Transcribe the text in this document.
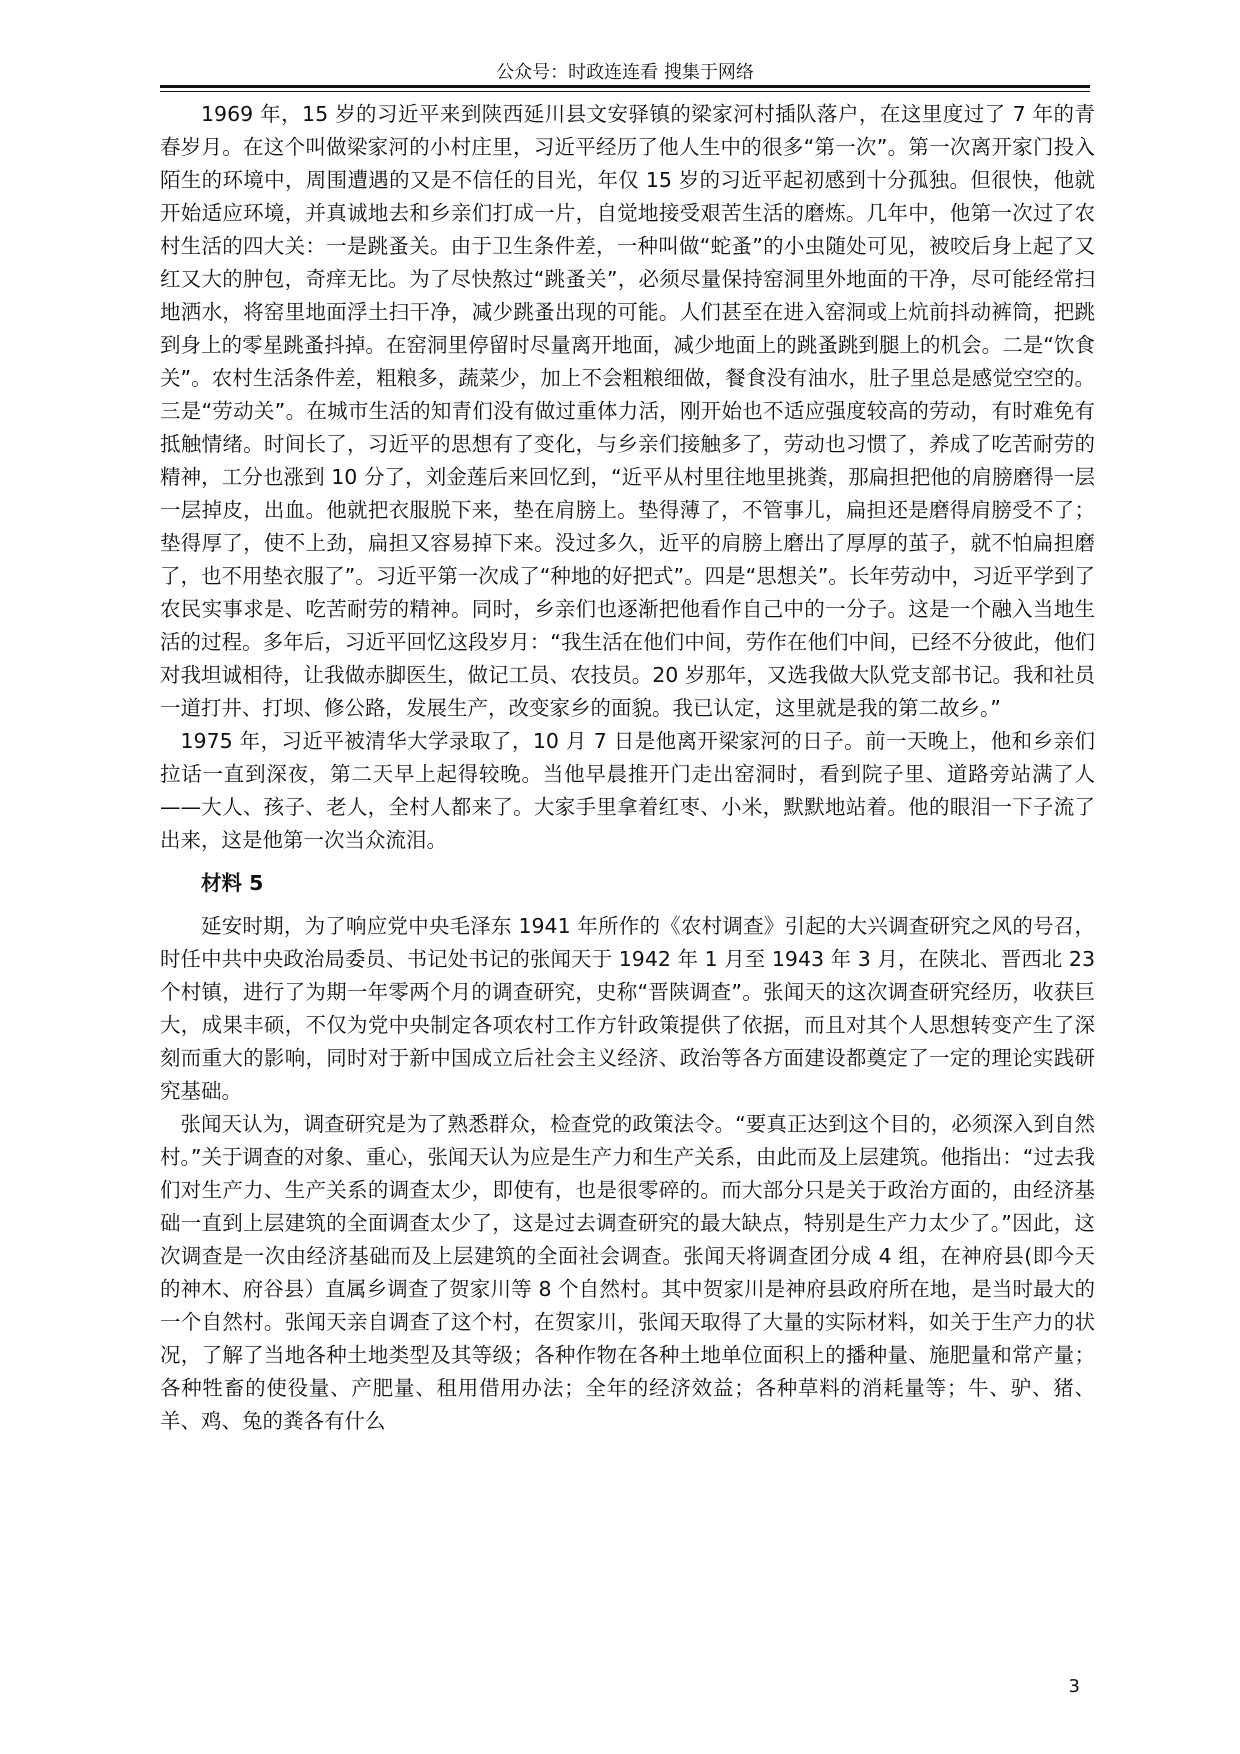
公众号：时政连连看 搜集于网络

1969 年，15 岁的习近平来到陕西延川县文安驿镇的梁家河村插队落户，在这里度过了 7 年的青春岁月。在这个叫做梁家河的小村庄里，习近平经历了他人生中的很多“第一次”。第一次离开家门投入陌生的环境中，周围遭遇的又是不信任的目光，年仅 15 岁的习近平起初感到十分孤独。但很快，他就开始适应环境，并真诚地去和乡亲们打成一片，自觉地接受艰苦生活的磨炼。几年中，他第一次过了农村生活的四大关：一是跳蚤关。由于卫生条件差，一种叫做“蛇蚤”的小虫随处可见，被咬后身上起了又红又大的肿包，奇痒无比。为了尽快熬过“跳蚤关”，必须尽量保持窑洞里外地面的干净，尽可能经常扫地洒水，将窑里地面浮土扫干净，减少跳蚤出现的可能。人们甚至在进入窑洞或上炕前抖动裤筒，把跳到身上的零星跳蚤抖掉。在窑洞里停留时尽量离开地面，减少地面上的跳蚤跳到腿上的机会。二是“饮食关”。农村生活条件差，粗粮多，蔬菜少，加上不会粗粮细做，餐食没有油水，肚子里总是感觉空空的。三是“劳动关”。在城市生活的知青们没有做过重体力活，刚开始也不适应强度较高的劳动，有时难免有抵触情绪。时间长了，习近平的思想有了变化，与乡亲们接触多了，劳动也习惯了，养成了吃苦耐劳的精神，工分也涨到 10 分了，刘金莲后来回忆到，“近平从村里往地里挑粪，那扁担把他的肩膀磨得一层一层掉皮，出血。他就把衣服脱下来，垫在肩膀上。垫得薄了，不管事儿，扁担还是磨得肩膀受不了；垫得厚了，使不上劲，扁担又容易掉下来。没过多久，近平的肩膀上磨出了厚厚的茧子，就不怕扁担磨了，也不用垫衣服了”。习近平第一次成了“种地的好把式”。四是“思想关”。长年劳动中，习近平学到了农民实事求是、吃苦耐劳的精神。同时，乡亲们也逐渐把他看作自己中的一分子。这是一个融入当地生活的过程。多年后，习近平回忆这段岁月：“我生活在他们中间，劳作在他们中间，已经不分彼此，他们对我坦诚相待，让我做赤脚医生，做记工员、农技员。20 岁那年，又选我做大队党支部书记。我和社员一道打井、打坝、修公路，发展生产，改变家乡的面貌。我已认定，这里就是我的第二故乡。”

1975 年，习近平被清华大学录取了，10 月 7 日是他离开梁家河的日子。前一天晚上，他和乡亲们拉话一直到深夜，第二天早上起得较晚。当他早晨推开门走出窑洞时，看到院子里、道路旁站满了人——大人、孩子、老人，全村人都来了。大家手里拿着红枣、小米，默默地站着。他的眼泪一下子流了出来，这是他第一次当众流泪。

材料 5

延安时期，为了响应党中央毛泽东 1941 年所作的《农村调查》引起的大兴调查研究之风的号召，时任中共中央政治局委员、书记处书记的张闻天于 1942 年 1 月至 1943 年 3 月，在陕北、晋西北 23 个村镇，进行了为期一年零两个月的调查研究，史称“晋陕调查”。张闻天的这次调查研究经历，收获巨大，成果丰硕，不仅为党中央制定各项农村工作方针政策提供了依据，而且对其个人思想转变产生了深刻而重大的影响，同时对于新中国成立后社会主义经济、政治等各方面建设都奠定了一定的理论实践研究基础。

张闻天认为，调查研究是为了熟悉群众，检查党的政策法令。“要真正达到这个目的，必须深入到自然村。”关于调查的对象、重心，张闻天认为应是生产力和生产关系，由此而及上层建筑。他指出：“过去我们对生产力、生产关系的调查太少，即使有，也是很零碎的。而大部分只是关于政治方面的，由经济基础一直到上层建筑的全面调查太少了，这是过去调查研究的最大缺点，特别是生产力太少了。”因此，这次调查是一次由经济基础而及上层建筑的全面社会调查。张闻天将调查团分成 4 组，在神府县(即今天的神木、府谷县）直属乡调查了贺家川等 8 个自然村。其中贺家川是神府县政府所在地，是当时最大的一个自然村。张闻天亲自调查了这个村，在贺家川，张闻天取得了大量的实际材料，如关于生产力的状况，了解了当地各种土地类型及其等级；各种作物在各种土地单位面积上的播种量、施肥量和常产量；各种牲畜的使役量、产肥量、租用借用办法；全年的经济效益；各种草料的消耗量等；牛、驴、猪、羊、鸡、兔的粪各有什么

3
